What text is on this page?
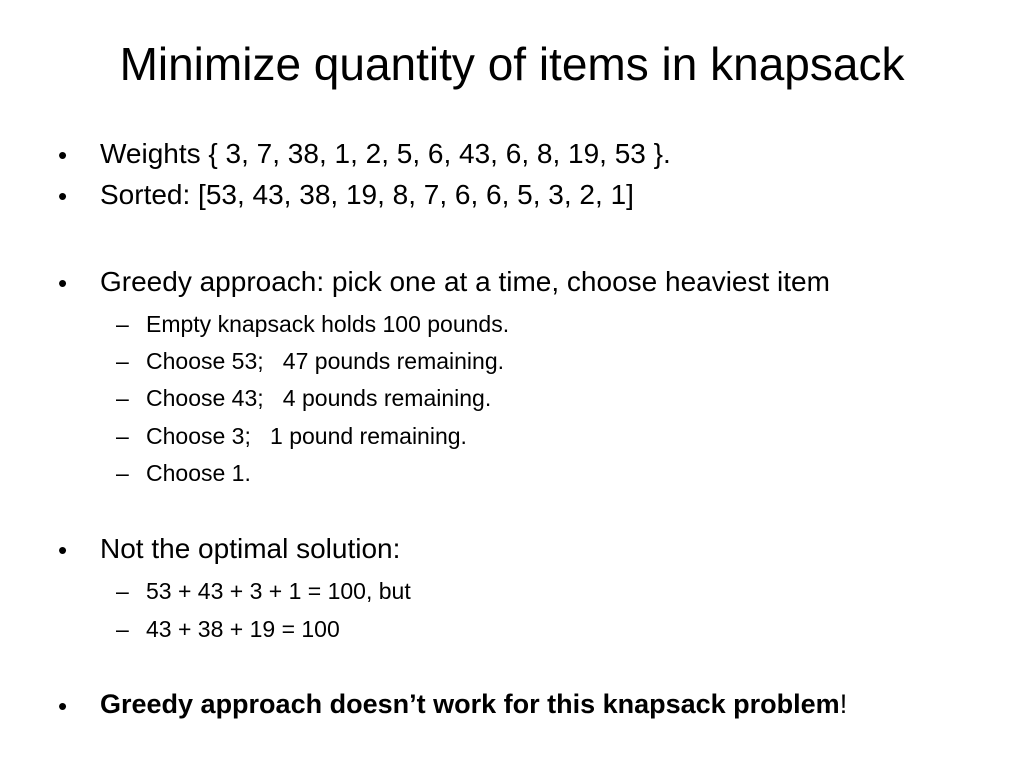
Minimize quantity of items in knapsack
• Weights { 3, 7, 38, 1, 2, 5, 6, 43, 6, 8, 19, 53 }.
• Sorted: [53, 43, 38, 19, 8, 7, 6, 6, 5, 3, 2, 1]
• Greedy approach: pick one at a time, choose heaviest item
– Empty knapsack holds 100 pounds.
– Choose 53;   47 pounds remaining.
– Choose 43;   4 pounds remaining.
– Choose 3;   1 pound remaining.
– Choose 1.
• Not the optimal solution:
– 53 + 43 + 3 + 1 = 100, but
– 43 + 38 + 19 = 100
• Greedy approach doesn’t work for this knapsack problem!
